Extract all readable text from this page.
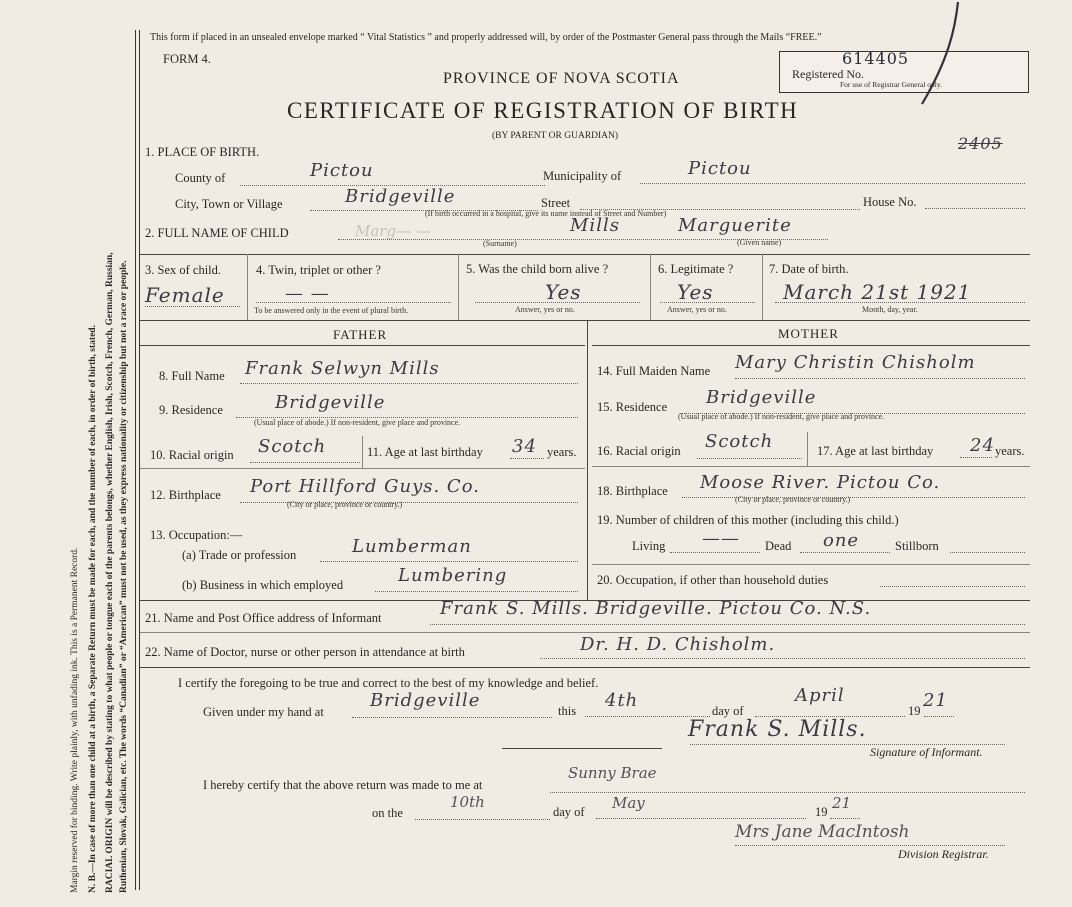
Margin reserved for binding. Write plainly, with unfading ink. This is a Permanent Record. N. B.—In case of more than one child at a birth, a Separate Return must be made for each, and the number of each, in order of birth, stated. RACIAL ORIGIN will be described by stating to what people or tongue each of the parents belongs, whether English, Irish, Scotch, French, German, Russian, Ruthenian, Slovak, Galician, etc. The words “Canadian” or “American” must not be used, as they express nationality or citizenship but not a race or people.
This form if placed in an unsealed envelope marked “ Vital Statistics ” and properly addressed will, by order of the Postmaster General pass through the Mails “FREE.”
FORM 4.
PROVINCE OF NOVA SCOTIA
CERTIFICATE OF REGISTRATION OF BIRTH
(BY PARENT OR GUARDIAN)
Registered No.
For use of Registrar General only.
614405
2405
1. PLACE OF BIRTH.
County of	Pictou	Municipality of	Pictou
City, Town or Village	Bridgeville	Street	House No.
(If birth occurred in a hospital, give its name instead of Street and Number)
2. FULL NAME OF CHILD	Marg— —	Mills	Marguerite
(Surname)	(Given name)
3. Sex of child.
Female
4. Twin, triplet or other ?
— —
To be answered only in the event of plural birth.
5. Was the child born alive ?
Yes
Answer, yes or no.
6. Legitimate ?
Yes
Answer, yes or no.
7. Date of birth.
March 21st 1921
Month, day, year.
FATHER	MOTHER
8. Full Name Frank Selwyn Mills
9. Residence	Bridgeville
(Usual place of abode.) If non-resident, give place and province.
10. Racial origin Scotch	11. Age at last birthday 34 years.
12. Birthplace Port Hillford Guys. Co.
(City or place, province or country.)
13. Occupation:—
(a) Trade or profession	Lumberman
(b) Business in which employed	Lumbering
14. Full Maiden Name Mary Christin Chisholm
15. Residence Bridgeville
(Usual place of abode.) If non-resident, give place and province.
16. Racial origin Scotch	17. Age at last birthday 24 years.
18. Birthplace Moose River. Pictou Co.
(City or place, province or country.)
19. Number of children of this mother (including this child.)
Living —— Dead one	Stillborn
20. Occupation, if other than household duties
21. Name and Post Office address of Informant	Frank S. Mills. Bridgeville. Pictou Co. N.S.
22. Name of Doctor, nurse or other person in attendance at birth	Dr. H. D. Chisholm.
I certify the foregoing to be true and correct to the best of my knowledge and belief.
Given under my hand at
Bridgeville	this 4th	day of
April
19 21
Frank S. Mills.
Signature of Informant.
I hereby certify that the above return was made to me at
Sunny Brae
on the
10th
day of May	19 21
Mrs Jane MacIntosh
Division Registrar.
